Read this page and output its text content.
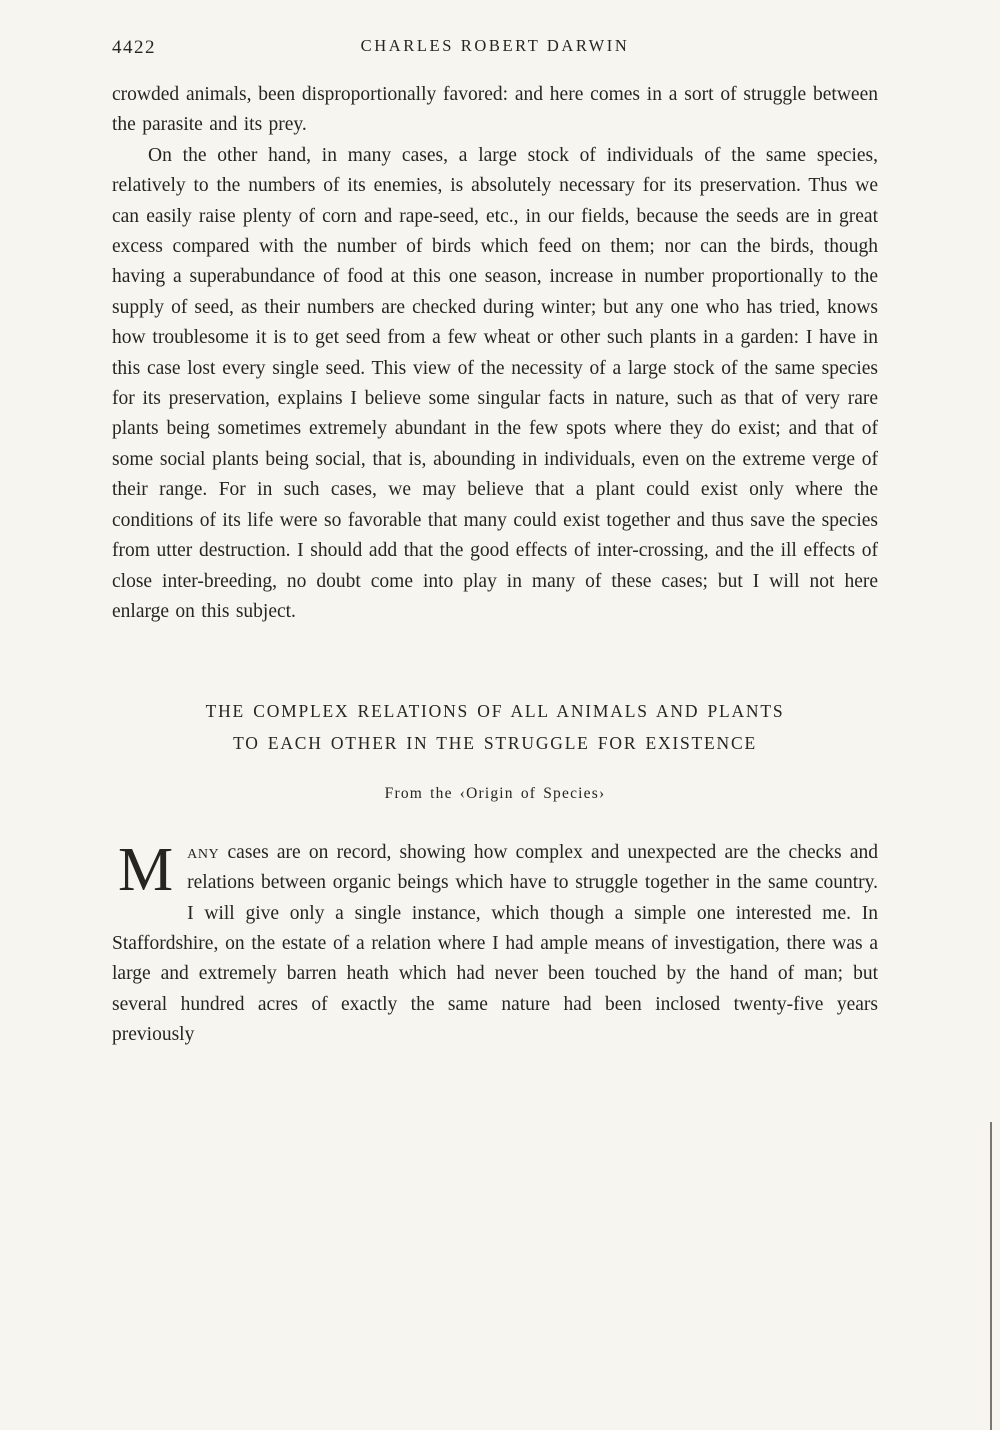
4422	CHARLES ROBERT DARWIN

crowded animals, been disproportionally favored: and here comes in a sort of struggle between the parasite and its prey.

On the other hand, in many cases, a large stock of individuals of the same species, relatively to the numbers of its enemies, is absolutely necessary for its preservation. Thus we can easily raise plenty of corn and rape-seed, etc., in our fields, because the seeds are in great excess compared with the number of birds which feed on them; nor can the birds, though having a superabundance of food at this one season, increase in number proportionally to the supply of seed, as their numbers are checked during winter; but any one who has tried, knows how troublesome it is to get seed from a few wheat or other such plants in a garden: I have in this case lost every single seed. This view of the necessity of a large stock of the same species for its preservation, explains I believe some singular facts in nature, such as that of very rare plants being sometimes extremely abundant in the few spots where they do exist; and that of some social plants being social, that is, abounding in individuals, even on the extreme verge of their range. For in such cases, we may believe that a plant could exist only where the conditions of its life were so favorable that many could exist together and thus save the species from utter destruction. I should add that the good effects of inter-crossing, and the ill effects of close inter-breeding, no doubt come into play in many of these cases; but I will not here enlarge on this subject.

THE COMPLEX RELATIONS OF ALL ANIMALS AND PLANTS
TO EACH OTHER IN THE STRUGGLE FOR EXISTENCE

From the ‹Origin of Species›

Many cases are on record, showing how complex and unexpected are the checks and relations between organic beings which have to struggle together in the same country. I will give only a single instance, which though a simple one interested me. In Staffordshire, on the estate of a relation where I had ample means of investigation, there was a large and extremely barren heath which had never been touched by the hand of man; but several hundred acres of exactly the same nature had been inclosed twenty-five years previously
